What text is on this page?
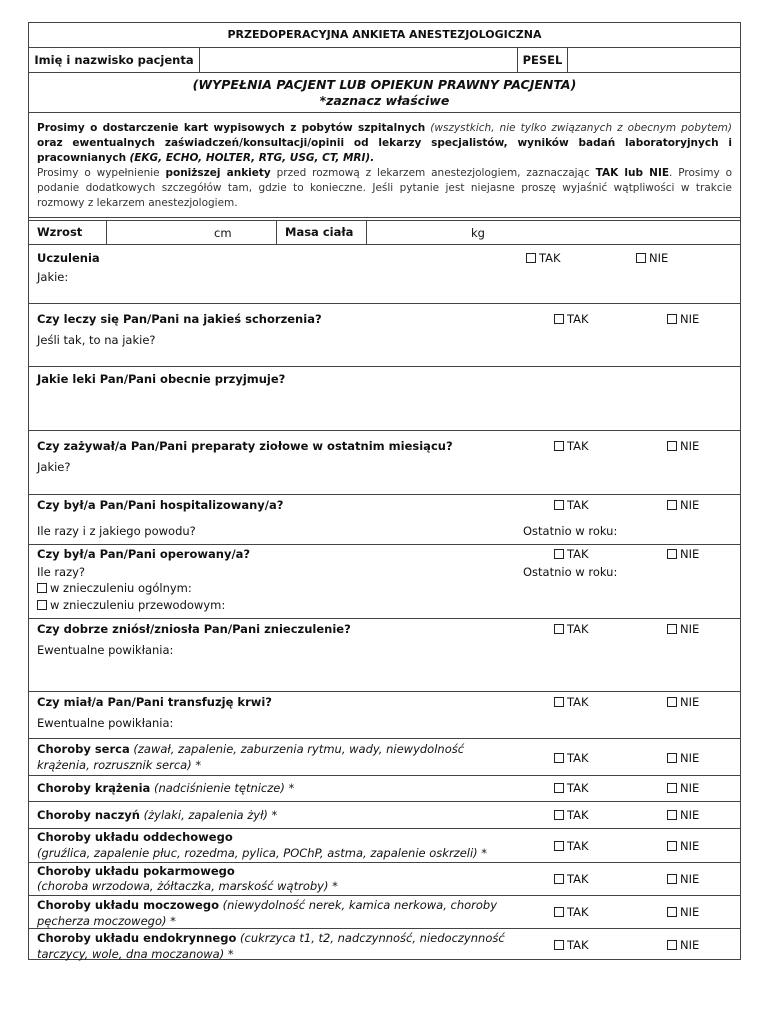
PRZEDOPERACYJNA ANKIETA ANESTEZJOLOGICZNA
Imię i nazwisko pacjenta	PESEL
(WYPEŁNIA PACJENT LUB OPIEKUN PRAWNY PACJENTA)
*zaznacz właściwe
Prosimy o dostarczenie kart wypisowych z pobytów szpitalnych (wszystkich, nie tylko związanych z obecnym pobytem) oraz ewentualnych zaświadczeń/konsultacji/opinii od lekarzy specjalistów, wyników badań laboratoryjnych i pracownianych (EKG, ECHO, HOLTER, RTG, USG, CT, MRI).
Prosimy o wypełnienie poniższej ankiety przed rozmową z lekarzem anestezjologiem, zaznaczając TAK lub NIE. Prosimy o podanie dodatkowych szczegółów tam, gdzie to konieczne. Jeśli pytanie jest niejasne proszę wyjaśnić wątpliwości w trakcie rozmowy z lekarzem anestezjologiem.
Wzrost	cm	Masa ciała	kg
Uczulenia
Jakie:
TAK	NIE
Czy leczy się Pan/Pani na jakieś schorzenia?
Jeśli tak, to na jakie?
TAK	NIE
Jakie leki Pan/Pani obecnie przyjmuje?
Czy zażywał/a Pan/Pani preparaty ziołowe w ostatnim miesiącu?
Jakie?
TAK	NIE
Czy był/a Pan/Pani hospitalizowany/a?
Ile razy i z jakiego powodu?
TAK	NIE
Ostatnio w roku:
Czy był/a Pan/Pani operowany/a?
Ile razy?
w znieczuleniu ogólnym:
w znieczuleniu przewodowym:
TAK	NIE
Ostatnio w roku:
Czy dobrze zniósł/zniosła Pan/Pani znieczulenie?
Ewentualne powikłania:
TAK	NIE
Czy miał/a Pan/Pani transfuzję krwi?
Ewentualne powikłania:
TAK	NIE
Choroby serca (zawał, zapalenie, zaburzenia rytmu, wady, niewydolność krążenia, rozrusznik serca) *	TAK	NIE
Choroby krążenia (nadciśnienie tętnicze) *	TAK	NIE
Choroby naczyń (żylaki, zapalenia żył) *	TAK	NIE
Choroby układu oddechowego
(gruźlica, zapalenie płuc, rozedma, pylica, POChP, astma, zapalenie oskrzeli) *	TAK	NIE
Choroby układu pokarmowego
(choroba wrzodowa, żółtaczka, marskość wątroby) *	TAK	NIE
Choroby układu moczowego (niewydolność nerek, kamica nerkowa, choroby pęcherza moczowego) *
TAK	NIE
Choroby układu endokrynnego (cukrzyca t1, t2, nadczynność, niedoczynność tarczycy, wole, dna moczanowa) *
TAK	NIE
